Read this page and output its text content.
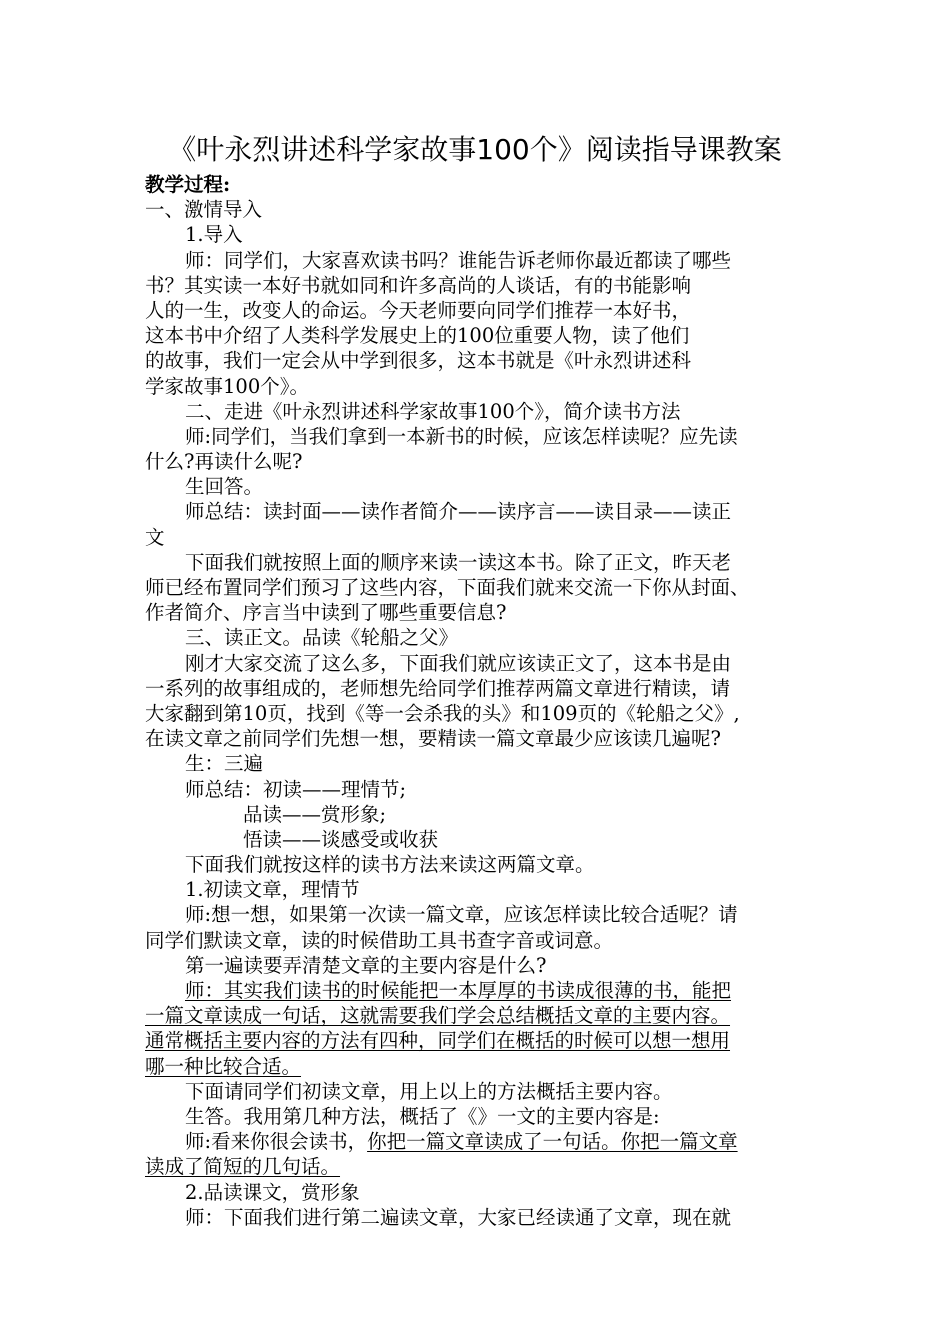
《叶永烈讲述科学家故事100个》阅读指导课教案
教学过程:
一、激情导入
1.导入
师：同学们，大家喜欢读书吗？谁能告诉老师你最近都读了哪些
书？其实读一本好书就如同和许多高尚的人谈话，有的书能影响
人的一生，改变人的命运。今天老师要向同学们推荐一本好书，
这本书中介绍了人类科学发展史上的100位重要人物，读了他们
的故事，我们一定会从中学到很多，这本书就是《叶永烈讲述科
学家故事100个》。
二、走进《叶永烈讲述科学家故事100个》，简介读书方法
师:同学们，当我们拿到一本新书的时候，应该怎样读呢？应先读
什么?再读什么呢?
生回答。
师总结：读封面——读作者简介——读序言——读目录——读正
文
下面我们就按照上面的顺序来读一读这本书。除了正文，昨天老
师已经布置同学们预习了这些内容，下面我们就来交流一下你从封面、
作者简介、序言当中读到了哪些重要信息?
三、读正文。品读《轮船之父》
刚才大家交流了这么多，下面我们就应该读正文了，这本书是由
一系列的故事组成的，老师想先给同学们推荐两篇文章进行精读，请
大家翻到第10页，找到《等一会杀我的头》和109页的《轮船之父》,
在读文章之前同学们先想一想，要精读一篇文章最少应该读几遍呢?
生：三遍
师总结：初读——理情节;
品读——赏形象;
悟读——谈感受或收获
下面我们就按这样的读书方法来读这两篇文章。
1.初读文章，理情节
师:想一想，如果第一次读一篇文章，应该怎样读比较合适呢？请
同学们默读文章，读的时候借助工具书查字音或词意。
第一遍读要弄清楚文章的主要内容是什么?
师：其实我们读书的时候能把一本厚厚的书读成很薄的书，能把
一篇文章读成一句话，这就需要我们学会总结概括文章的主要内容。
通常概括主要内容的方法有四种，同学们在概括的时候可以想一想用
哪一种比较合适。
下面请同学们初读文章，用上以上的方法概括主要内容。
生答。我用第几种方法，概括了《》一文的主要内容是:
师:看来你很会读书，你把一篇文章读成了一句话。你把一篇文章
读成了简短的几句话。
2.品读课文，赏形象
师：下面我们进行第二遍读文章，大家已经读通了文章，现在就
